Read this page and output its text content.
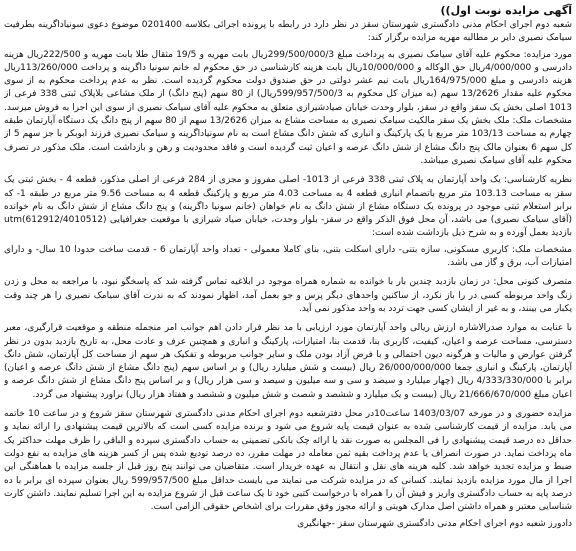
آگهی مزایده نوبت اول))

شعبه دوم اجرای احکام مدنی دادگستری شهرستان سقز در نظر دارد در رابطه با پرونده اجرائی بکلاسه 0201400 موضوع دعوی سونیاداگرینه بطرفیت سیامک نصیری دایر بر مطالبه مهریه مزایده برگزار کند:

مورد مزایده: محکوم علیه آقای سیامک نصیری به پرداخت مبلغ 299/500/000/3ریال بابت مهریه و 19/5 مثقال طلا بابت مهریه و 222/500ریال هزینه دادرسی و 4/000/000ریال حق الوکاله و 10/000/000ریال بابت هزینه کارشناسی در حق محکوم له خانم سونیا داگرینه و پرداخت 113/260/000ریال هزینه دادرسی و مبلغ 164/975/000ریال بابت نیم عشر دولتی در حق صندوق دولت محکوم گردیده است. نظر به عدم پرداخت محکوم به از سوی محکوم علیه مقدار 13/2626 سهم (به میزان کل محکوم به 599/957/500/3ریال) از 80 سهم (پنج دانگ) از ملک مشاعی بلاپلاک ثبتی 338 فرعی از 1013 اصلی بخش یک سقز واقع در سقز، بلوار وحدت خیابان صیادشیرازی متعلق به محکوم علیه آقای سیامک نصیری از سوی این اجرا به فروش میرسد. مشخصات ملک: ملک بخش یک سقز مالکیت سیامک نصیری به مساحت مشاع به میزان 13/2626 سهم از 80 سهم از پنج دانگ یک دستگاه آپارتمان طبقه چهارم به مساحت 103/13 متر مربع با یک پارکینگ و انباری که شش دانگ مشاع است به نام سونیاداگرینه و سیامک نصیری فرزند ابوبکر با جز سهم 5 از کل سهم 6 بعنوان مالک پنج دانگ مشاع از شش دانگ عرصه و اعیان ثبت گردیده است و فاقد محدودیت و رهن و بازداشت است. ملک مذکور در تصرف محکوم علیه آقای سیامک نصیری میباشد.

نظریه کارشناسی: یک واحد آپارتمان به پلاک ثبتی 338 فرعی از 1013- اصلی مفروز و مجزی از 284 فرعی از اصلی مذکور، قطعه 4 - بخش ثبتی یک سقز به مساحت 103.13 متر مربع باتضمام انباری قطعه 4 به مساحت 4.03 متر مربع و پارکینگ قطعه 4 به مساحت 9.56 متر مربع در طبقه 1- که برابر استعلام ثبتی موجود در پرونده یک دستگاه مشاع از شش دانگ به نام خواهان (خانم سونیا داگرینه) و پنج دانگ مشاع از شش دانگ به نام خوانده (آقای سیامک نصیری) می باشد، آن محل فوق الذکر واقع در سقز- بلوار وحدت، خیابان صیاد شیرازی با موقعیت جغرافیایی utm(612912/4010512) بازدید بعمل آورده و به شرح ذیل بازداشت شده است:

مشخصات ملک: کاربری مسکونی، سازه بتنی- دارای اسکلت بتنی، بنای کاملا معمولی - تعداد واحد آپارتمان 6 - قدمت ساخت حدودا 10 سال- و دارای امتیازات آب، برق و گاز می باشد.

متصرف کنونی محل: در زمان بازدید چندین بار با خوانده به شماره همراه موجود در ابلاغیه تماس گرفته شد که پاسخگو نبود، با مراجعه به محل و زدن زنگ واحد مربوطه کسی در را باز نکرد، از ساکنین واحدهای دیگر پرس و جو بعمل آمد، اظهار نمودند که به ندرت آقای سیامک نصیری را هر چند وقت یکبار می بینند، و به غیر از ایشان کسی جهت تردد به واحد مذکور نمی آید.

با عنایت به موارد صدرالاشاره ارزش ریالی واحد آپارتمان مورد ارزیابی با مد نظر قرار دادن اهم جوانب امر منجمله منطقه و موقعیت قرارگیری، معبر دسترسی، مساحت عرصه و اعیان، کیفیت، کاربری بنا، قدمت بنا، امتیازات، پارکینگ و انباری و همچنین عرف و عادت محل، به تاریخ بازدید بدون در نظر گرفتن عوارض و مالیات و هرگونه دیون احتمالی و با فرض آزاد بودن ملک و سایر جوانب مربوطه و تفکیک هر سهم از مساحت کل آپارتمان، شش دانگ آپارتمان، پارکینگ و انباری جمعا 26/000/000/000 ریال (بیست و شش میلیارد ریال) و بر اساس سهم (پنج دانگ مشاع از شش دانگ عرصه و اعیان) برابر با 4/333/330/000 ریال (چهار میلیارد و سیصد و سی و سه میلیون و سیصد و سی هزار ریال) و بر اساس پنج دانگ مشاع از شش دانگ عرصه و اعیان مبلغ 21/666/670/000 ریال (بیست و یک میلیارد و ششصد و شصت و شش میلیون و ششصد و هفتاد هزار ریال) براورد پیشنهاد می گردد.

مزایده حضوری و در مورخه 1403/03/07 ساعت10در محل دفترشعبه دوم اجرای احکام مدنی دادگستری شهرستان سقز شروع و در ساعت 10 خاتمه می یابد. مزایده از قیمت کارشناسی شده به عنوان قیمت پایه شروع می شود و برنده مزایده کسی است که بالاترین قیمت پیشنهادی را ارائه نماید و حداقل ده درصد قیمت پیشنهادی را فی المجلس به صورت نقد یا ارائه چک بانکی تضمینی به حساب دادگستری سپرده و الباقی را ظرف مهلت حداکثر یک ماه پرداخت نماید. در صورت انصراف یا عدم پرداخت بقیه ثمن معامله در مهلت مقرر، ده درصد تودیع شده پس از کسر هزینه های مزایده به نفع دولت ضبط و مزایده تجدید خواهد شد. کلیه هزینه های نقل و انتقال به عهده خریدار است. متقاضیان می توانند پنج روز قبل از جلسه مزایده با هماهنگی این اجرا از مال مورد مزایده بازدید نمایند. کسانی که در مزایده شرکت می نمایند می بایست حداقل مبلغ 599/957/500 ریال بعنوان سپرده ای برابر با ده درصد پایه به حساب دادگستری واریز و فیش آن را همراه با درخواست کتبی خود تا یک ساعت قبل از شروع مزایده به این اجرا تسلیم نمایند. داشتن کارت شناسایی معتبر و همراه داشتن اصل مدارک هویتی و ارائه مجوز وفق مقررات برای اشخاص حقوقی الزامی است.

دادورز شعبه دوم اجرای احکام مدنی دادگستری شهرستان سقز -جهانگیری
